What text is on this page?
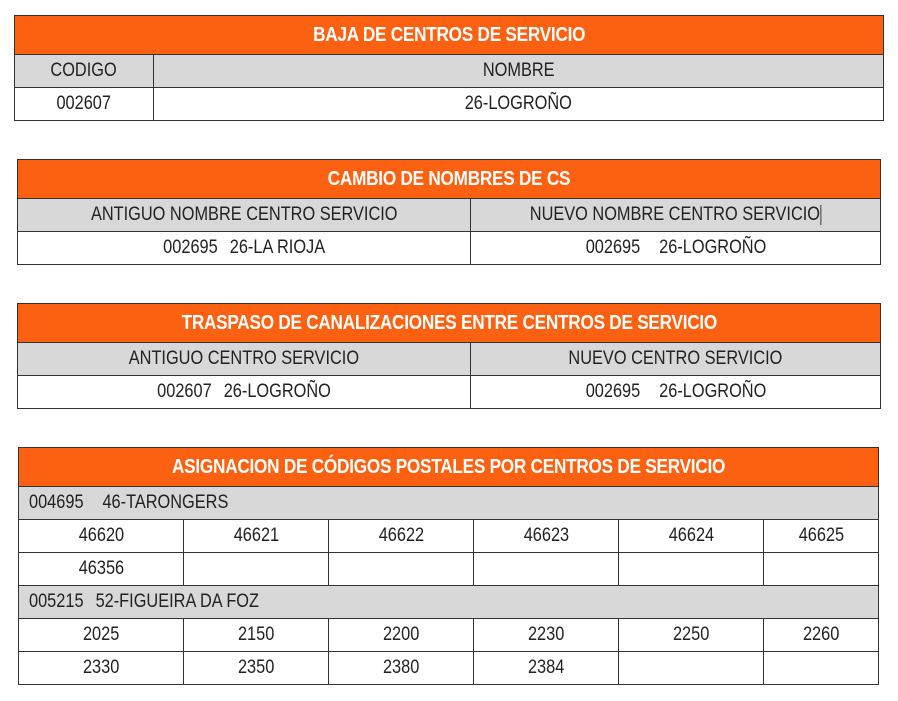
BAJA DE CENTROS DE SERVICIO	
CODIGO	NOMBRE
002607	26-LOGROÑO
CAMBIO DE NOMBRES DE CS	
ANTIGUO NOMBRE CENTRO SERVICIO	NUEVO NOMBRE CENTRO SERVICIO
002695 26-LA RIOJA	002695 26-LOGROÑO
TRASPASO DE CANALIZACIONES ENTRE CENTROS DE SERVICIO	
ANTIGUO CENTRO SERVICIO	NUEVO CENTRO SERVICIO
002607 26-LOGROÑO	002695 26-LOGROÑO
ASIGNACION DE CÓDIGOS POSTALES POR CENTROS DE SERVICIO					
004695 46-TARONGERS					
46620	46621	46622	46623	46624	46625
46356					
005215 52-FIGUEIRA DA FOZ					
2025	2150	2200	2230	2250	2260
2330	2350	2380	2384		
